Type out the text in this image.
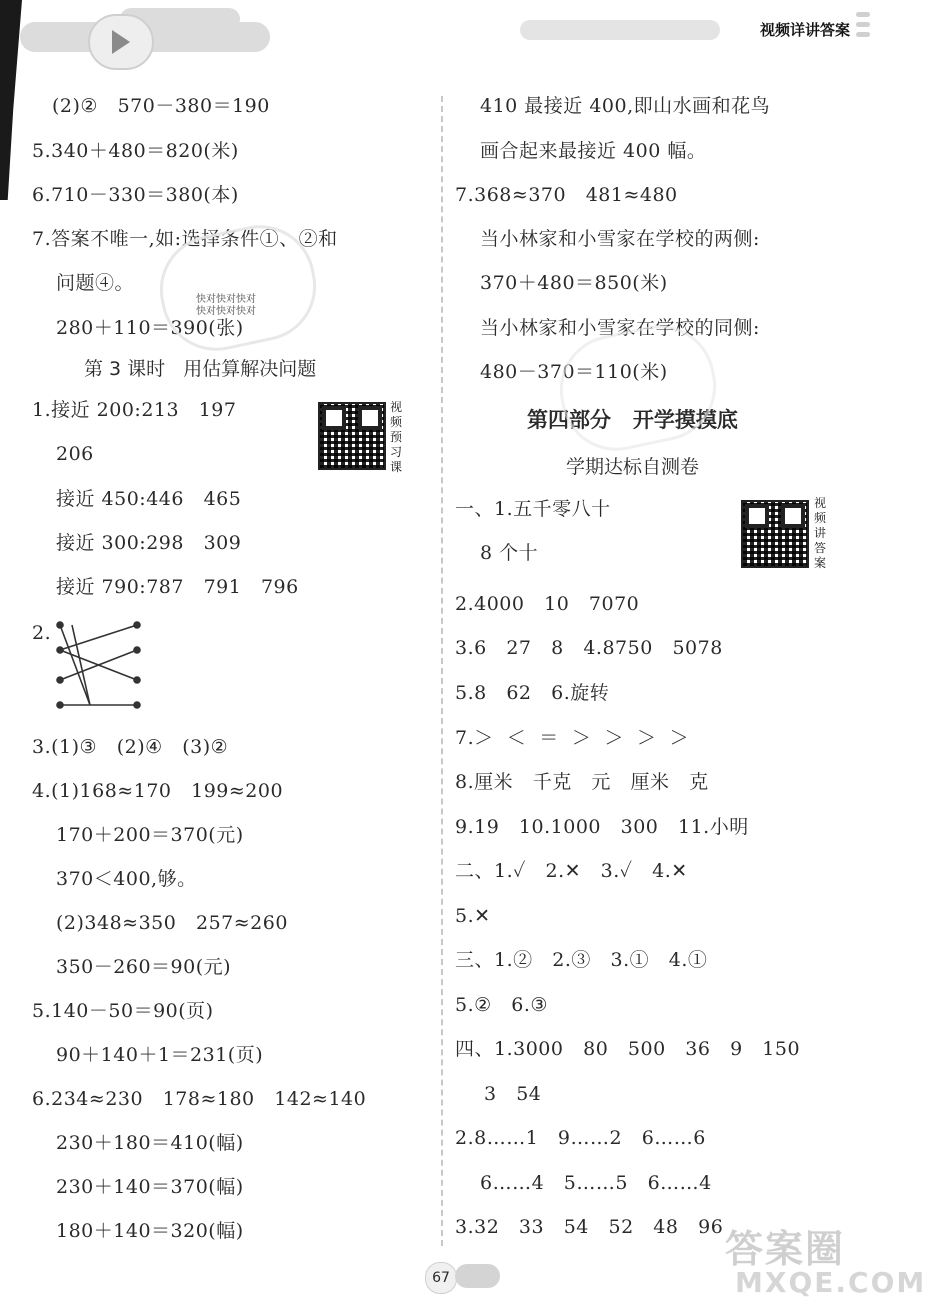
视频详讲答案
(2)②   570－380＝190
5.340＋480＝820(米)
6.710－330＝380(本)
7.答案不唯一,如:选择条件①、②和
问题④。
280＋110＝390(张)
1.接近 200:213   197
206
接近 450:446   465
接近 300:298   309
接近 790:787   791   796
2.
3.(1)③   (2)④   (3)②
4.(1)168≈170   199≈200
170＋200＝370(元)
370＜400,够。
(2)348≈350   257≈260
350－260＝90(元)
5.140－50＝90(页)
90＋140＋1＝231(页)
6.234≈230   178≈180   142≈140
230＋180＝410(幅)
230＋140＝370(幅)
180＋140＝320(幅)
410 最接近 400,即山水画和花鸟
画合起来最接近 400 幅。
7.368≈370   481≈480
当小林家和小雪家在学校的两侧:
370＋480＝850(米)
当小林家和小雪家在学校的同侧:
480－370＝110(米)
一、1.五千零八十
8 个十
2.4000   10   7070
3.6   27   8   4.8750   5078
5.8   62   6.旋转
7.＞  ＜  ＝  ＞  ＞  ＞  ＞
8.厘米   千克   元   厘米   克
9.19   10.1000   300   11.小明
二、1.✓   2.✕   3.✓   4.✕
5.✕
三、1.②   2.③   3.①   4.①
5.②   6.③
四、1.3000   80   500   36   9   150
3   54
2.8……1   9……2   6……6
6……4   5……5   6……4
3.32   33   54   52   48   96
第 3 课时   用估算解决问题
第四部分   开学摸摸底
学期达标自测卷
视
频
预
习
课
视
频
讲
答
案
快对快对快对
快对快对快对
67
答案圈
MXQE.COM
